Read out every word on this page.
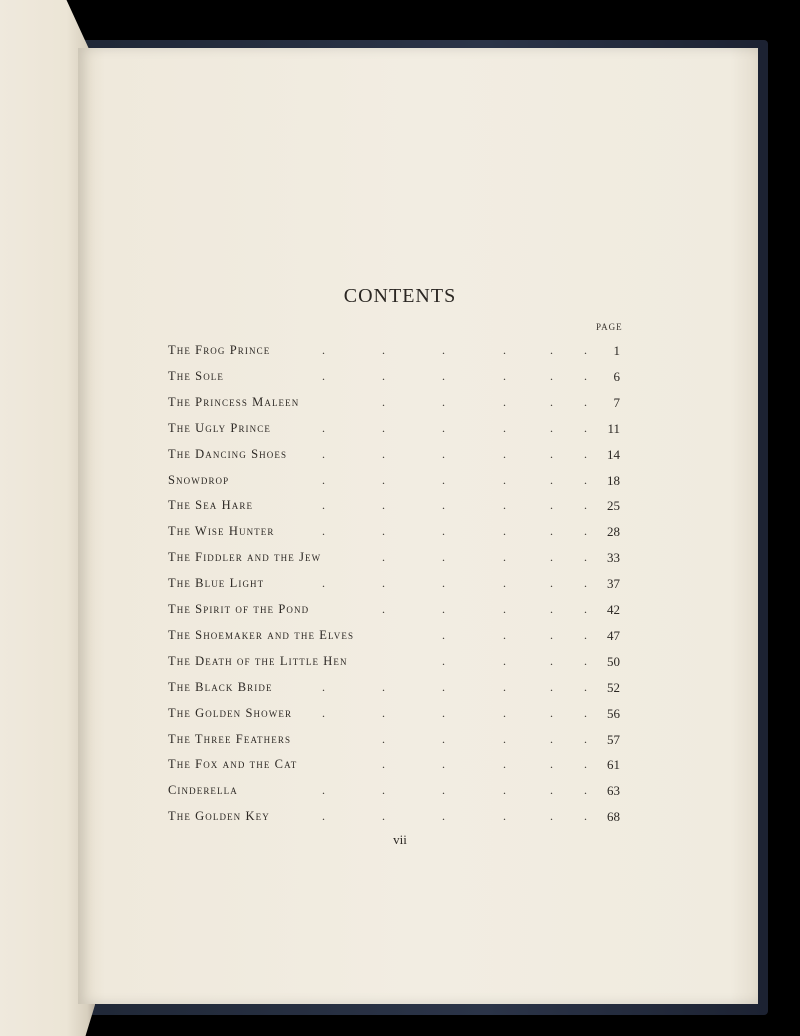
CONTENTS
PAGE
The Frog Prince	.	.	.	.	.	. 1
The Sole	.	.	.	.	.	. 6
The Princess Maleen	.	.	.	.	. 7
The Ugly Prince	.	.	.	.	.	. 11
The Dancing Shoes	.	.	.	.	.	. 14
Snowdrop	.	.	.	.	.	. 18
The Sea Hare	.	.	.	.	.	. 25
The Wise Hunter	.	.	.	.	.	. 28
The Fiddler and the Jew	.	.	.	.	. 33
The Blue Light	.	.	.	.	.	. 37
The Spirit of the Pond	.	.	.	.	. 42
The Shoemaker and the Elves	.	.	.	. 47
The Death of the Little Hen	.	.	.	. 50
The Black Bride	.	.	.	.	.	. 52
The Golden Shower .	.	.	.	.	. 56
The Three Feathers	.	.	.	.	. 57
The Fox and the Cat	.	.	.	.	. 61
Cinderella	.	.	.	.	.	. 63
The Golden Key	.	.	.	.	.	. 68
vii
